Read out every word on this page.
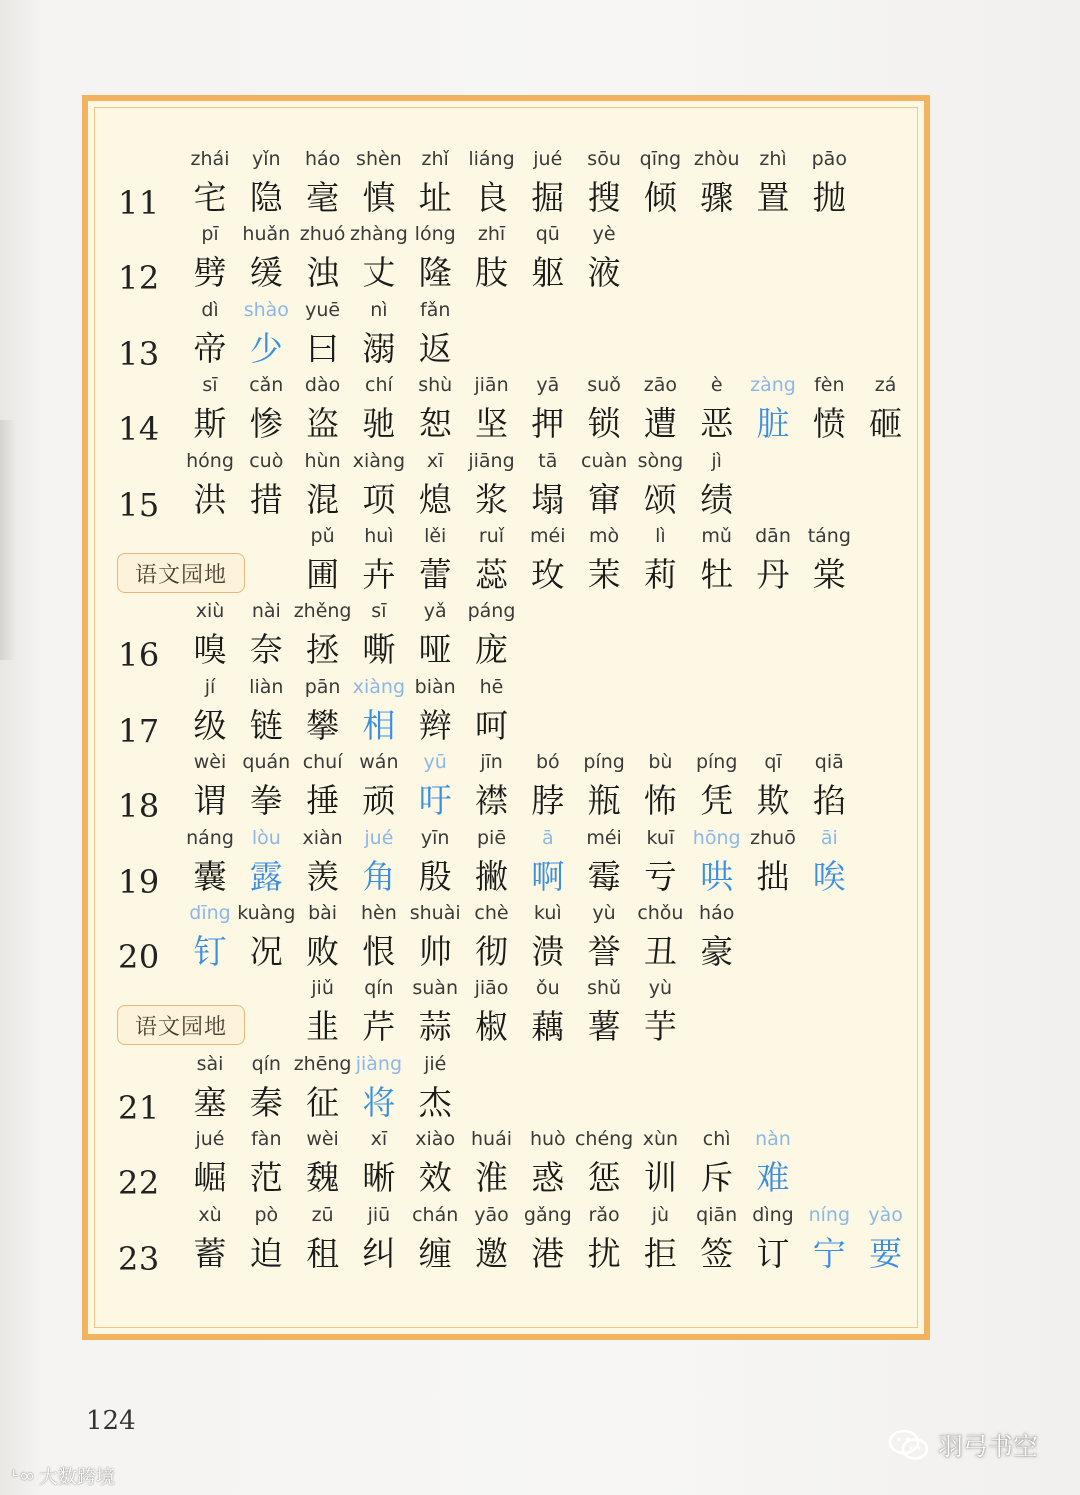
11
zhái
宅
yǐn
隐
háo
毫
shèn
慎
zhǐ
址
liáng
良
jué
掘
sōu
搜
qīng
倾
zhòu
骤
zhì
置
pāo
抛
12
pī
劈
huǎn
缓
zhuó
浊
zhàng
丈
lóng
隆
zhī
肢
qū
躯
yè
液
13
dì
帝
shào
少
yuē
曰
nì
溺
fǎn
返
14
sī
斯
cǎn
惨
dào
盗
chí
驰
shù
恕
jiān
坚
yā
押
suǒ
锁
zāo
遭
è
恶
zàng
脏
fèn
愤
zá
砸
15
hóng
洪
cuò
措
hùn
混
xiàng
项
xī
熄
jiāng
浆
tā
塌
cuàn
窜
sòng
颂
jì
绩
语文园地
pǔ
圃
huì
卉
lěi
蕾
ruǐ
蕊
méi
玫
mò
茉
lì
莉
mǔ
牡
dān
丹
táng
棠
16
xiù
嗅
nài
奈
zhěng
拯
sī
嘶
yǎ
哑
páng
庞
17
jí
级
liàn
链
pān
攀
xiàng
相
biàn
辫
hē
呵
18
wèi
谓
quán
拳
chuí
捶
wán
顽
yū
吁
jīn
襟
bó
脖
píng
瓶
bù
怖
píng
凭
qī
欺
qiā
掐
19
náng
囊
lòu
露
xiàn
羡
jué
角
yīn
殷
piē
撇
ā
啊
méi
霉
kuī
亏
hōng
哄
zhuō
拙
āi
唉
20
dīng
钉
kuàng
况
bài
败
hèn
恨
shuài
帅
chè
彻
kuì
溃
yù
誉
chǒu
丑
háo
豪
语文园地
jiǔ
韭
qín
芹
suàn
蒜
jiāo
椒
ǒu
藕
shǔ
薯
yù
芋
21
sài
塞
qín
秦
zhēng
征
jiàng
将
jié
杰
22
jué
崛
fàn
范
wèi
魏
xī
晰
xiào
效
huái
淮
huò
惑
chéng
惩
xùn
训
chì
斥
nàn
难
23
xù
蓄
pò
迫
zū
租
jiū
纠
chán
缠
yāo
邀
gǎng
港
rǎo
扰
jù
拒
qiān
签
dìng
订
níng
宁
yào
要
124
ᶫ∞ 大数跨境
羽弓书空
